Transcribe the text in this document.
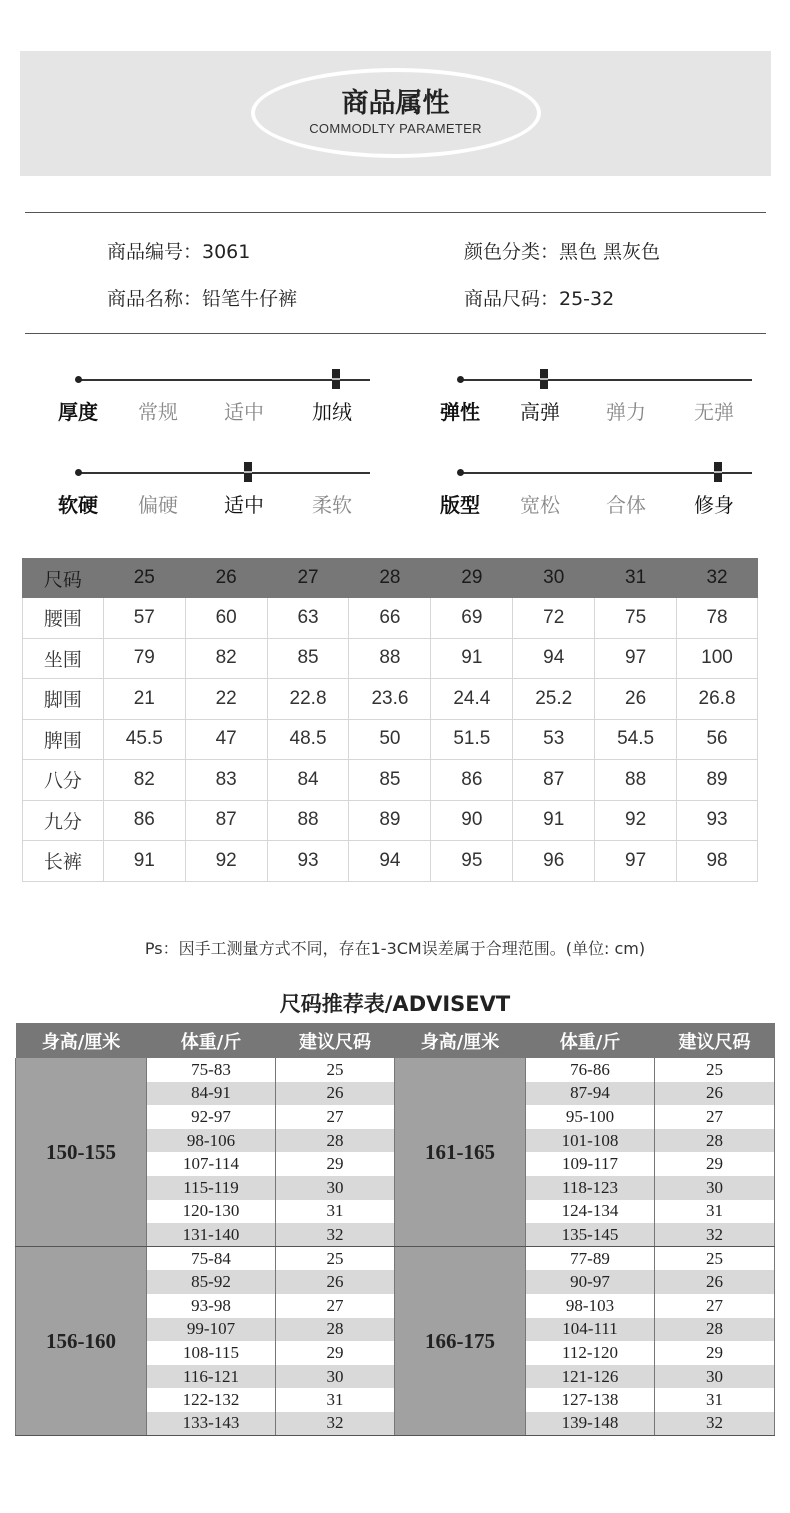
商品属性
COMMODLTY PARAMETER
商品编号：3061	颜色分类：黑色 黑灰色
商品名称：铅笔牛仔裤	商品尺码：25-32
厚度 常规 适中 加绒	弹性 高弹 弹力 无弹
软硬 偏硬 适中 柔软	版型 宽松 合体 修身
尺码	25	26	27	28	29	30	31	32
腰围	57	60	63	66	69	72	75	78
坐围	79	82	85	88	91	94	97	100
脚围	21	22	22.8	23.6	24.4	25.2	26	26.8
脾围	45.5	47	48.5	50	51.5	53	54.5	56
八分	82	83	84	85	86	87	88	89
九分	86	87	88	89	90	91	92	93
长裤	91	92	93	94	95	96	97	98
Ps：因手工测量方式不同，存在1-3CM误差属于合理范围。(单位: cm)
尺码推荐表/ADVISEVT
身高/厘米	体重/斤	建议尺码	身高/厘米	体重/斤	建议尺码
150-155	75-83	25	161-165	76-86	25
	84-91	26		87-94	26
	92-97	27		95-100	27
	98-106	28		101-108	28
	107-114	29		109-117	29
	115-119	30		118-123	30
	120-130	31		124-134	31
	131-140	32		135-145	32
156-160	75-84	25	166-175	77-89	25
	85-92	26		90-97	26
	93-98	27		98-103	27
	99-107	28		104-111	28
	108-115	29		112-120	29
	116-121	30		121-126	30
	122-132	31		127-138	31
	133-143	32		139-148	32
